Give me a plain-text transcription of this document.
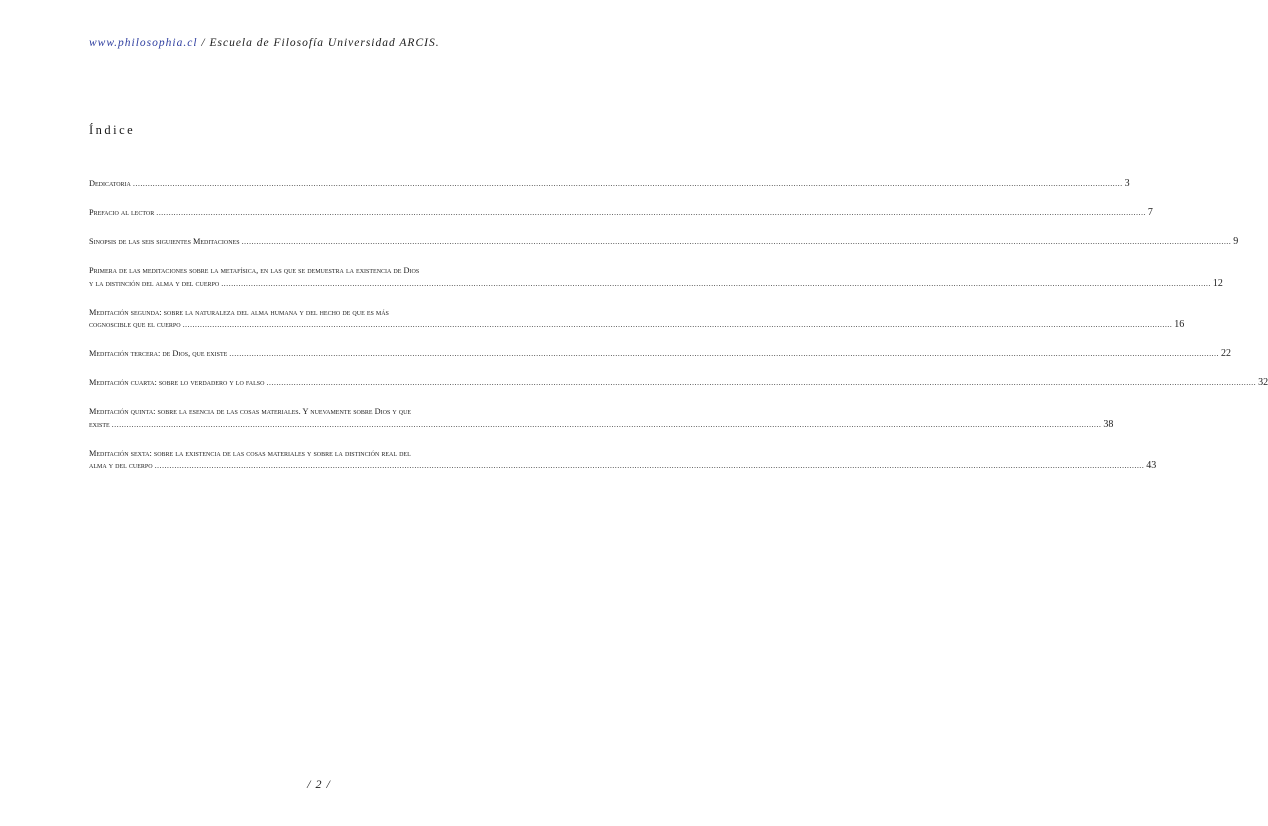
www.philosophia.cl / Escuela de Filosofía Universidad ARCIS.
Índice
Dedicatoria ................................................................................................................................................................................................................................................................................................................................................................................................................ 3
Prefacio al lector ................................................................................................................................................................................................................................................................................................................................................................................................................ 7
Sinopsis de las seis siguientes Meditaciones ................................................................................................................................................................................................................................................................................................................................................................................................................ 9
Primera de las meditaciones sobre la metafísica, en las que se demuestra la existencia de Dios
y la distinción del alma y del cuerpo ................................................................................................................................................................................................................................................................................................................................................................................................................ 12
Meditación segunda: sobre la naturaleza del alma humana y del hecho de que es más
cognoscible que el cuerpo ................................................................................................................................................................................................................................................................................................................................................................................................................ 16
Meditación tercera: de Dios, que existe ................................................................................................................................................................................................................................................................................................................................................................................................................ 22
Meditación cuarta: sobre lo verdadero y lo falso ................................................................................................................................................................................................................................................................................................................................................................................................................ 32
Meditación quinta: sobre la esencia de las cosas materiales. Y nuevamente sobre Dios y que
existe ................................................................................................................................................................................................................................................................................................................................................................................................................ 38
Meditación sexta: sobre la existencia de las cosas materiales y sobre la distinción real del
alma y del cuerpo ................................................................................................................................................................................................................................................................................................................................................................................................................ 43
/ 2 /
